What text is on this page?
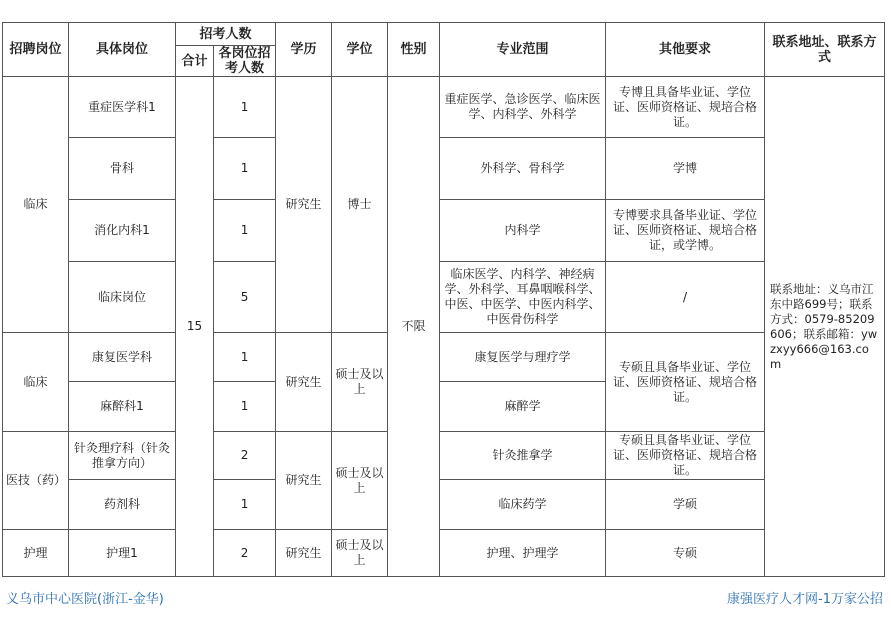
招聘岗位	具体岗位	招考人数		学历	学位	性别	专业范围	其他要求	联系地址、联系方式
		合计	各岗位招考人数						
临床	重症医学科1	15	1	研究生	博士	不限	重症医学、急诊医学、临床医学、内科学、外科学	专博且具备毕业证、学位证、医师资格证、规培合格证。	联系地址：义乌市江东中路699号；联系方式：0579-85209606；联系邮箱：ywzxyy666@163.com
	骨科		1				外科学、骨科学	学博	
	消化内科1		1				内科学	专博要求具备毕业证、学位证、医师资格证、规培合格证，或学博。	
	临床岗位		5				临床医学、内科学、神经病学、外科学、耳鼻咽喉科学、中医、中医学、中医内科学、中医骨伤科学	/	
临床	康复医学科		1	研究生	硕士及以上		康复医学与理疗学	专硕且具备毕业证、学位证、医师资格证、规培合格证。	
	麻醉科1		1				麻醉学		
医技（药）	针灸理疗科（针灸推拿方向）		2	研究生	硕士及以上		针灸推拿学	专硕且具备毕业证、学位证、医师资格证、规培合格证。	
	药剂科		1				临床药学	学硕	
护理	护理1		2	研究生	硕士及以上		护理、护理学	专硕	
义乌市中心医院(浙江-金华)	康强医疗人才网-1万家公招
